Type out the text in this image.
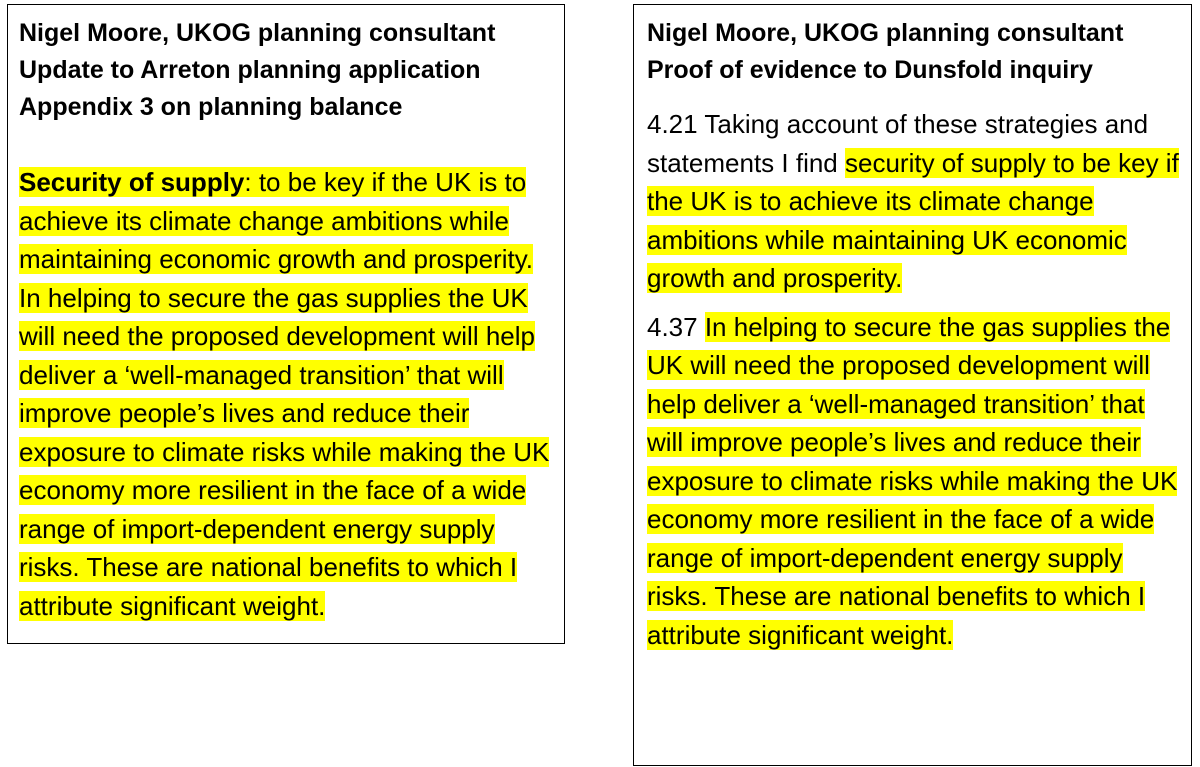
Nigel Moore, UKOG planning consultant
Update to Arreton planning application
Appendix 3 on planning balance

Security of supply: to be key if the UK is to achieve its climate change ambitions while maintaining economic growth and prosperity. In helping to secure the gas supplies the UK will need the proposed development will help deliver a ‘well-managed transition’ that will improve people’s lives and reduce their exposure to climate risks while making the UK economy more resilient in the face of a wide range of import-dependent energy supply risks. These are national benefits to which I attribute significant weight.

Nigel Moore, UKOG planning consultant
Proof of evidence to Dunsfold inquiry

4.21 Taking account of these strategies and statements I find security of supply to be key if the UK is to achieve its climate change ambitions while maintaining UK economic growth and prosperity.

4.37 In helping to secure the gas supplies the UK will need the proposed development will help deliver a ‘well-managed transition’ that will improve people’s lives and reduce their exposure to climate risks while making the UK economy more resilient in the face of a wide range of import-dependent energy supply risks. These are national benefits to which I attribute significant weight.
